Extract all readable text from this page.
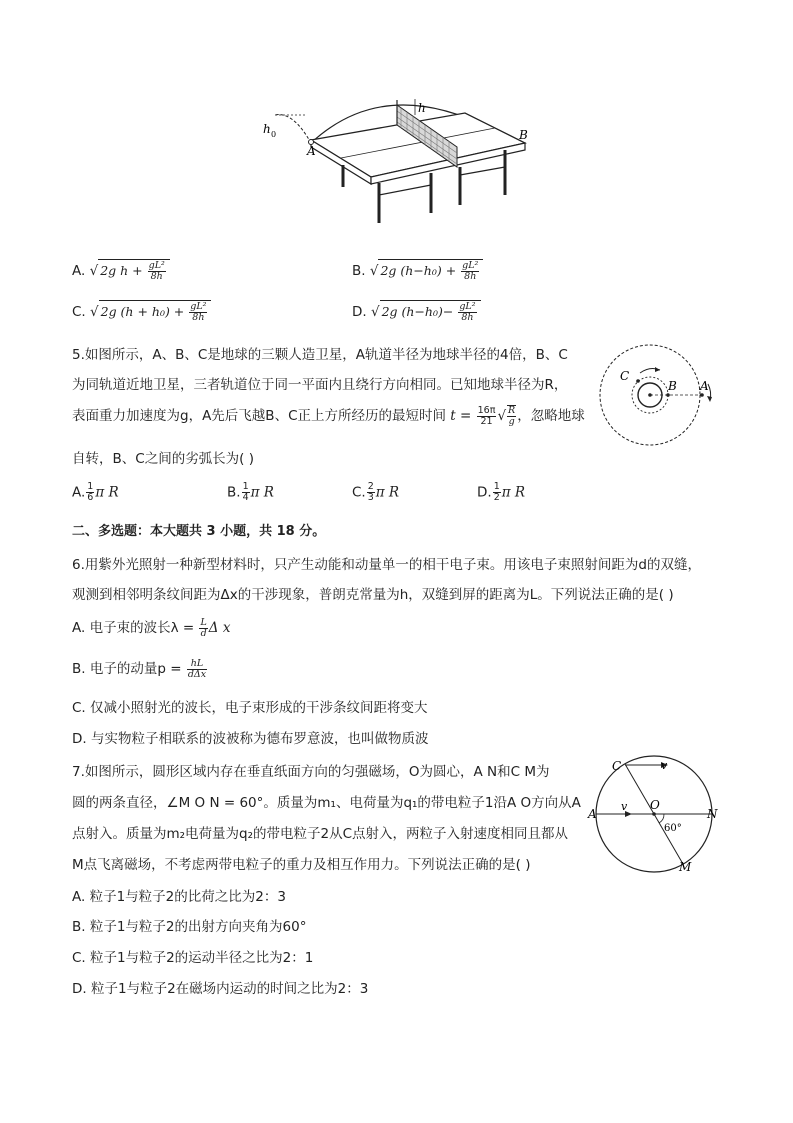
h 0
h
A
B
A. √ 2g $h + \frac{\text{gL²}}{8h}$	B. √ 2g $(h-h_0) + \frac{\text{gL²}}{8h}$
C. √ 2g $(h + h_0) + \frac{\text{gL²}}{8h}$	D. √ 2g $(h-h_0)- \frac{\text{gL²}}{8h}$
5.如图所示，A、B、C是地球的三颗人造卫星，A轨道半径为地球半径的4倍，B、C
为同轨道近地卫星，三者轨道位于同一平面内且绕行方向相同。已知地球半径为R，
表面重力加速度为g，A先后飞越B、C正上方所经历的最短时间 $t = \frac{16\pi}{21}$ √ $\frac{R}{g}$ ，忽略地球
自转，B、C之间的劣弧长为( )
C
B A
A. $\frac{1}{6}$ π R	B. $\frac{1}{4}$ π R	C. $\frac{2}{3}$ π R	D. $\frac{1}{2}$ π R
二、多选题：本大题共 3 小题，共 18 分。
6.用紫外光照射一种新型材料时，只产生动能和动量单一的相干电子束。用该电子束照射间距为d的双缝，
观测到相邻明条纹间距为Δx的干涉现象，普朗克常量为h，双缝到屏的距离为L。下列说法正确的是( )
A. 电子束的波长$\lambda = \frac{L}{d}$ Δ x
B. 电子的动量$p = \frac{hL}{\text{dΔx}}$
C. 仅减小照射光的波长，电子束形成的干涉条纹间距将变大
D. 与实物粒子相联系的波被称为德布罗意波，也叫做物质波
7.如图所示，圆形区域内存在垂直纸面方向的匀强磁场，O为圆心，A N和C M为
圆的两条直径，∠M O N = 60°。质量为m₁、电荷量为q₁的带电粒子1沿A O方向从A
点射入。质量为m₂电荷量为q₂的带电粒子2从C点射入，两粒子入射速度相同且都从
M点飞离磁场，不考虑两带电粒子的重力及相互作用力。下列说法正确的是( )
C
A	N
M
O
v
v
60°
A. 粒子1与粒子2的比荷之比为2：3
B. 粒子1与粒子2的出射方向夹角为60°
C. 粒子1与粒子2的运动半径之比为2：1
D. 粒子1与粒子2在磁场内运动的时间之比为2：3
